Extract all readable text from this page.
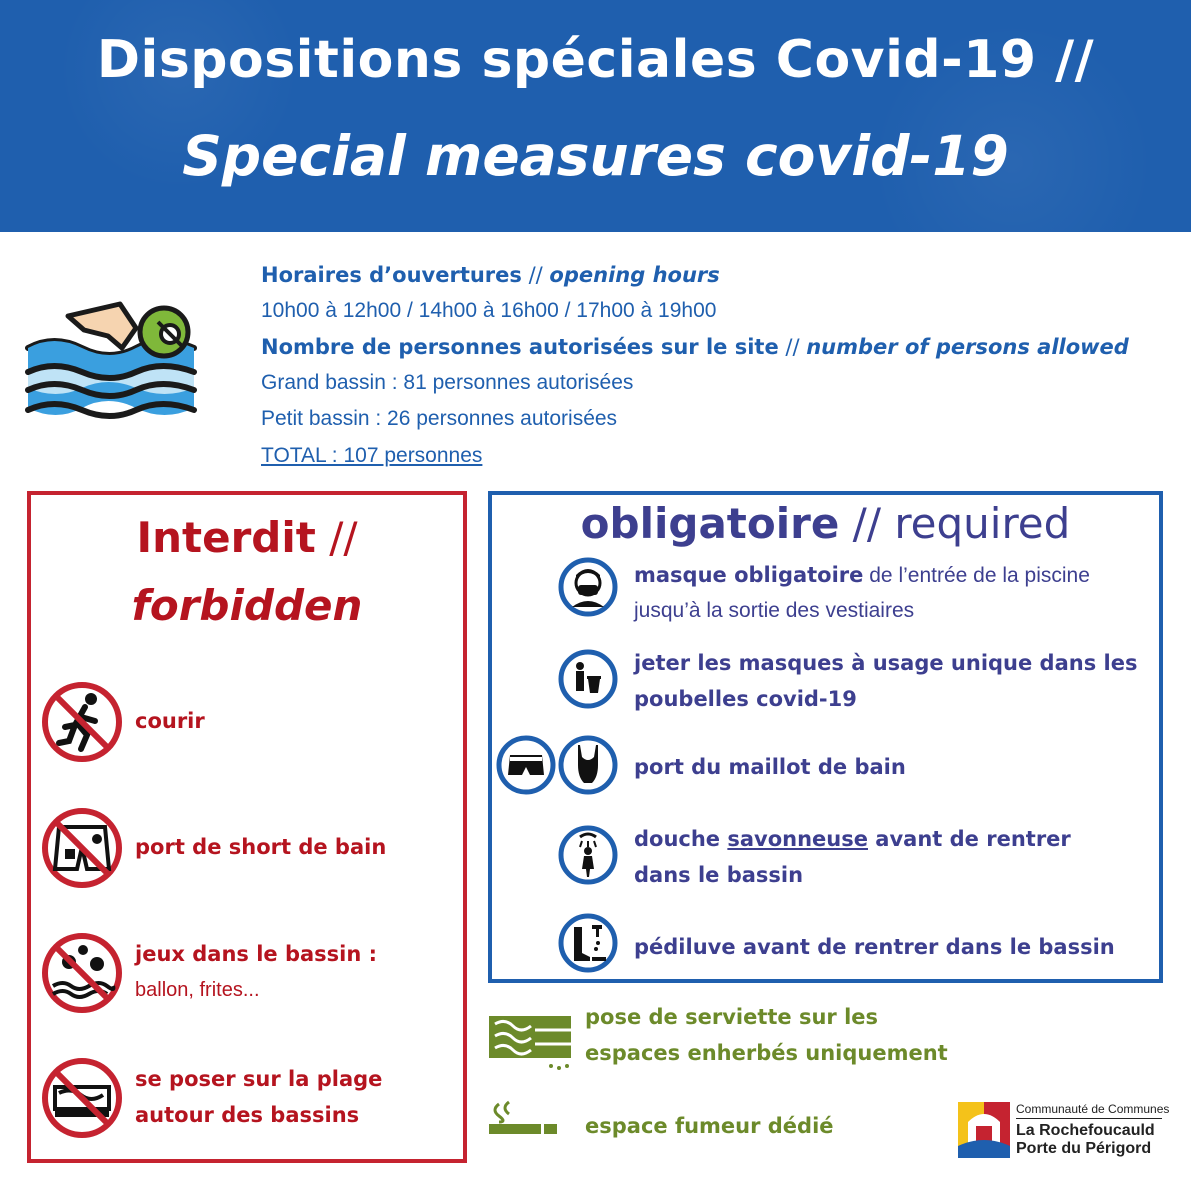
Dispositions spéciales Covid-19 //
Special measures covid-19
Horaires d’ouvertures // opening hours
10h00 à 12h00 / 14h00 à 16h00 / 17h00 à 19h00
Nombre de personnes autorisées sur le site // number of persons allowed
Grand bassin : 81 personnes autorisées
Petit bassin : 26 personnes autorisées
TOTAL : 107 personnes
Interdit //
forbidden
courir
port de short de bain
jeux dans le bassin :
ballon, frites...
se poser sur la plage
autour des bassins
obligatoire // required
masque obligatoire de l’entrée de la piscine
jusqu’à la sortie des vestiaires
jeter les masques à usage unique dans les
poubelles covid-19
port du maillot de bain
douche savonneuse avant de rentrer
dans le bassin
pédiluve avant de rentrer dans le bassin
pose de serviette sur les
espaces enherbés uniquement
espace fumeur dédié
Communauté de Communes
La Rochefoucauld
Porte du Périgord
